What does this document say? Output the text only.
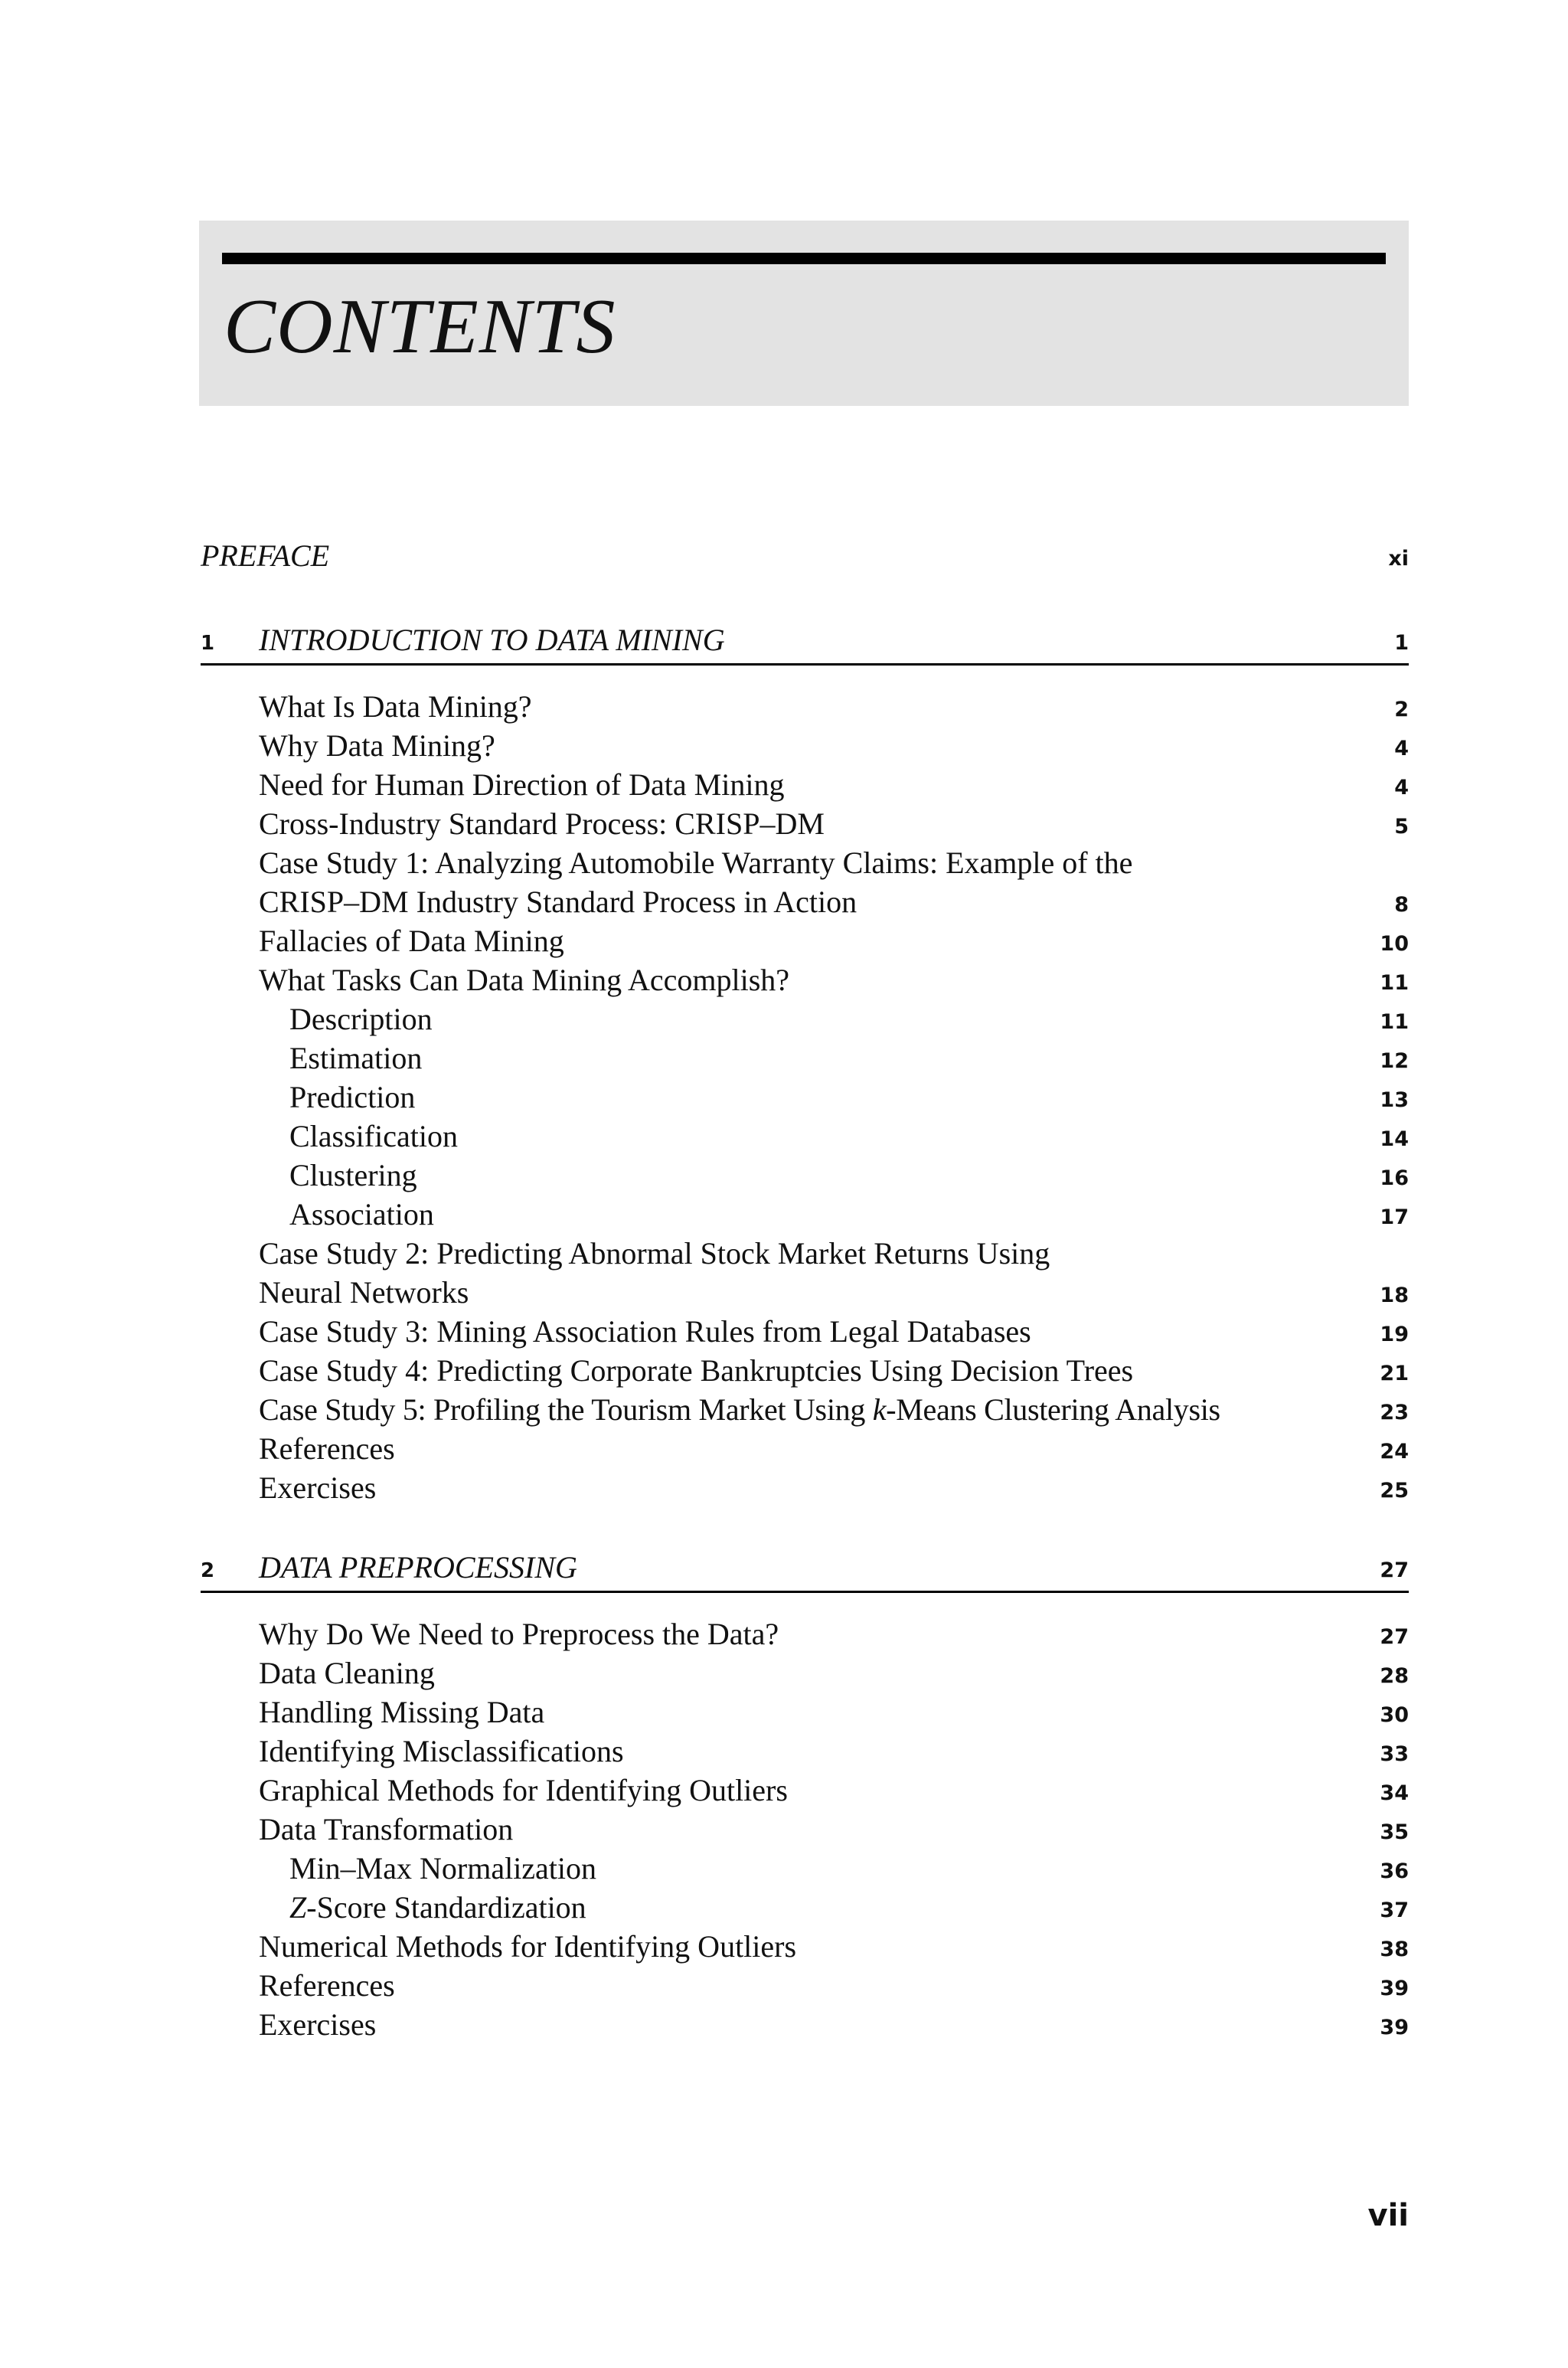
CONTENTS
PREFACE	xi
1 INTRODUCTION TO DATA MINING	1
What Is Data Mining?	2
Why Data Mining?	4
Need for Human Direction of Data Mining	4
Cross-Industry Standard Process: CRISP–DM	5
Case Study 1: Analyzing Automobile Warranty Claims: Example of the
CRISP–DM Industry Standard Process in Action	8
Fallacies of Data Mining	10
What Tasks Can Data Mining Accomplish?	11
Description	11
Estimation	12
Prediction	13
Classification	14
Clustering	16
Association	17
Case Study 2: Predicting Abnormal Stock Market Returns Using
Neural Networks	18
Case Study 3: Mining Association Rules from Legal Databases	19
Case Study 4: Predicting Corporate Bankruptcies Using Decision Trees	21
Case Study 5: Profiling the Tourism Market Using k-Means Clustering Analysis	23
References	24
Exercises	25
2 DATA PREPROCESSING	27
Why Do We Need to Preprocess the Data?	27
Data Cleaning	28
Handling Missing Data	30
Identifying Misclassifications	33
Graphical Methods for Identifying Outliers	34
Data Transformation	35
Min–Max Normalization	36
Z-Score Standardization	37
Numerical Methods for Identifying Outliers	38
References	39
Exercises	39
vii
